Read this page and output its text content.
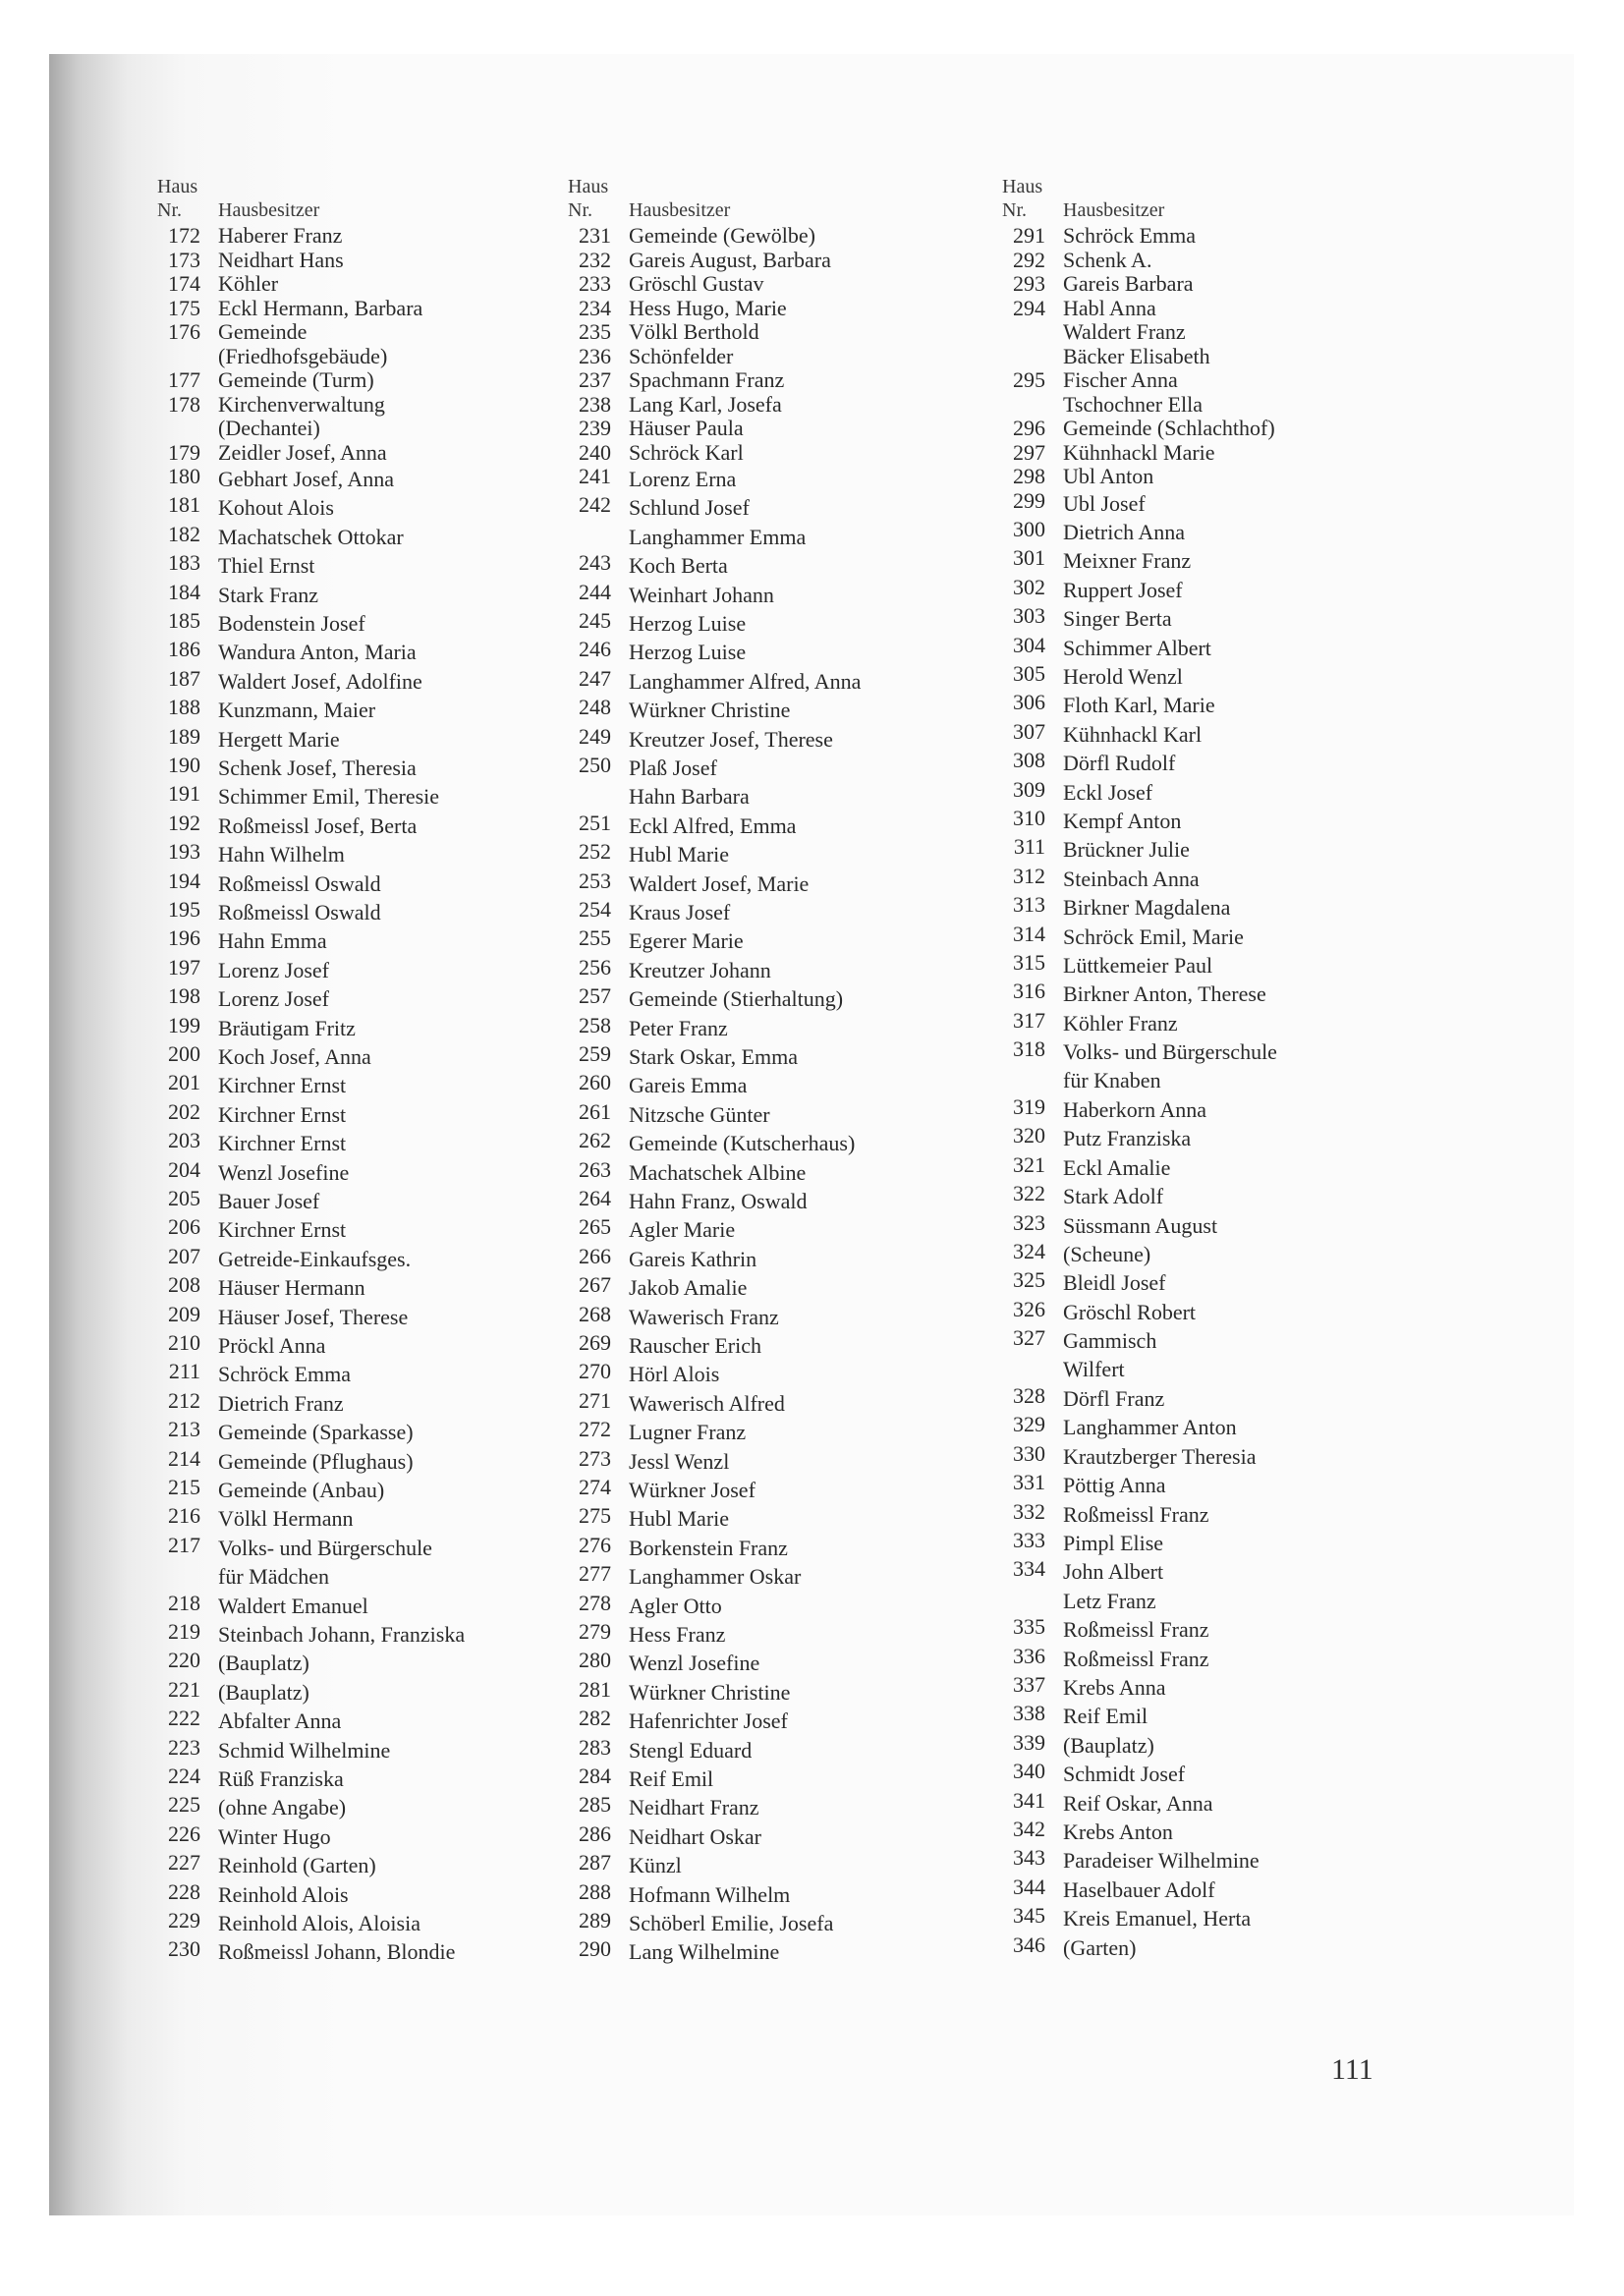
Haus
Nr. Hausbesitzer
172 Haberer Franz
173 Neidhart Hans
174 Köhler
175 Eckl Hermann, Barbara
176 Gemeinde
(Friedhofsgebäude)
177 Gemeinde (Turm)
178 Kirchenverwaltung
(Dechantei)
179 Zeidler Josef, Anna
180 Gebhart Josef, Anna
181 Kohout Alois
182 Machatschek Ottokar
183 Thiel Ernst
184 Stark Franz
185 Bodenstein Josef
186 Wandura Anton, Maria
187 Waldert Josef, Adolfine
188 Kunzmann, Maier
189 Hergett Marie
190 Schenk Josef, Theresia
191 Schimmer Emil, Theresie
192 Roßmeissl Josef, Berta
193 Hahn Wilhelm
194 Roßmeissl Oswald
195 Roßmeissl Oswald
196 Hahn Emma
197 Lorenz Josef
198 Lorenz Josef
199 Bräutigam Fritz
200 Koch Josef, Anna
201 Kirchner Ernst
202 Kirchner Ernst
203 Kirchner Ernst
204 Wenzl Josefine
205 Bauer Josef
206 Kirchner Ernst
207 Getreide-Einkaufsges.
208 Häuser Hermann
209 Häuser Josef, Therese
210 Pröckl Anna
211 Schröck Emma
212 Dietrich Franz
213 Gemeinde (Sparkasse)
214 Gemeinde (Pflughaus)
215 Gemeinde (Anbau)
216 Völkl Hermann
217 Volks- und Bürgerschule
für Mädchen
218 Waldert Emanuel
219 Steinbach Johann, Franziska
220 (Bauplatz)
221 (Bauplatz)
222 Abfalter Anna
223 Schmid Wilhelmine
224 Rüß Franziska
225 (ohne Angabe)
226 Winter Hugo
227 Reinhold (Garten)
228 Reinhold Alois
229 Reinhold Alois, Aloisia
230 Roßmeissl Johann, Blondie
Haus
Nr. Hausbesitzer
231 Gemeinde (Gewölbe)
232 Gareis August, Barbara
233 Gröschl Gustav
234 Hess Hugo, Marie
235 Völkl Berthold
236 Schönfelder
237 Spachmann Franz
238 Lang Karl, Josefa
239 Häuser Paula
240 Schröck Karl
241 Lorenz Erna
242 Schlund Josef
Langhammer Emma
243 Koch Berta
244 Weinhart Johann
245 Herzog Luise
246 Herzog Luise
247 Langhammer Alfred, Anna
248 Würkner Christine
249 Kreutzer Josef, Therese
250 Plaß Josef
Hahn Barbara
251 Eckl Alfred, Emma
252 Hubl Marie
253 Waldert Josef, Marie
254 Kraus Josef
255 Egerer Marie
256 Kreutzer Johann
257 Gemeinde (Stierhaltung)
258 Peter Franz
259 Stark Oskar, Emma
260 Gareis Emma
261 Nitzsche Günter
262 Gemeinde (Kutscherhaus)
263 Machatschek Albine
264 Hahn Franz, Oswald
265 Agler Marie
266 Gareis Kathrin
267 Jakob Amalie
268 Wawerisch Franz
269 Rauscher Erich
270 Hörl Alois
271 Wawerisch Alfred
272 Lugner Franz
273 Jessl Wenzl
274 Würkner Josef
275 Hubl Marie
276 Borkenstein Franz
277 Langhammer Oskar
278 Agler Otto
279 Hess Franz
280 Wenzl Josefine
281 Würkner Christine
282 Hafenrichter Josef
283 Stengl Eduard
284 Reif Emil
285 Neidhart Franz
286 Neidhart Oskar
287 Künzl
288 Hofmann Wilhelm
289 Schöberl Emilie, Josefa
290 Lang Wilhelmine
Haus
Nr. Hausbesitzer
291 Schröck Emma
292 Schenk A.
293 Gareis Barbara
294 Habl Anna
Waldert Franz
Bäcker Elisabeth
295 Fischer Anna
Tschochner Ella
296 Gemeinde (Schlachthof)
297 Kühnhackl Marie
298 Ubl Anton
299 Ubl Josef
300 Dietrich Anna
301 Meixner Franz
302 Ruppert Josef
303 Singer Berta
304 Schimmer Albert
305 Herold Wenzl
306 Floth Karl, Marie
307 Kühnhackl Karl
308 Dörfl Rudolf
309 Eckl Josef
310 Kempf Anton
311 Brückner Julie
312 Steinbach Anna
313 Birkner Magdalena
314 Schröck Emil, Marie
315 Lüttkemeier Paul
316 Birkner Anton, Therese
317 Köhler Franz
318 Volks- und Bürgerschule
für Knaben
319 Haberkorn Anna
320 Putz Franziska
321 Eckl Amalie
322 Stark Adolf
323 Süssmann August
324 (Scheune)
325 Bleidl Josef
326 Gröschl Robert
327 Gammisch
Wilfert
328 Dörfl Franz
329 Langhammer Anton
330 Krautzberger Theresia
331 Pöttig Anna
332 Roßmeissl Franz
333 Pimpl Elise
334 John Albert
Letz Franz
335 Roßmeissl Franz
336 Roßmeissl Franz
337 Krebs Anna
338 Reif Emil
339 (Bauplatz)
340 Schmidt Josef
341 Reif Oskar, Anna
342 Krebs Anton
343 Paradeiser Wilhelmine
344 Haselbauer Adolf
345 Kreis Emanuel, Herta
346 (Garten)
111
